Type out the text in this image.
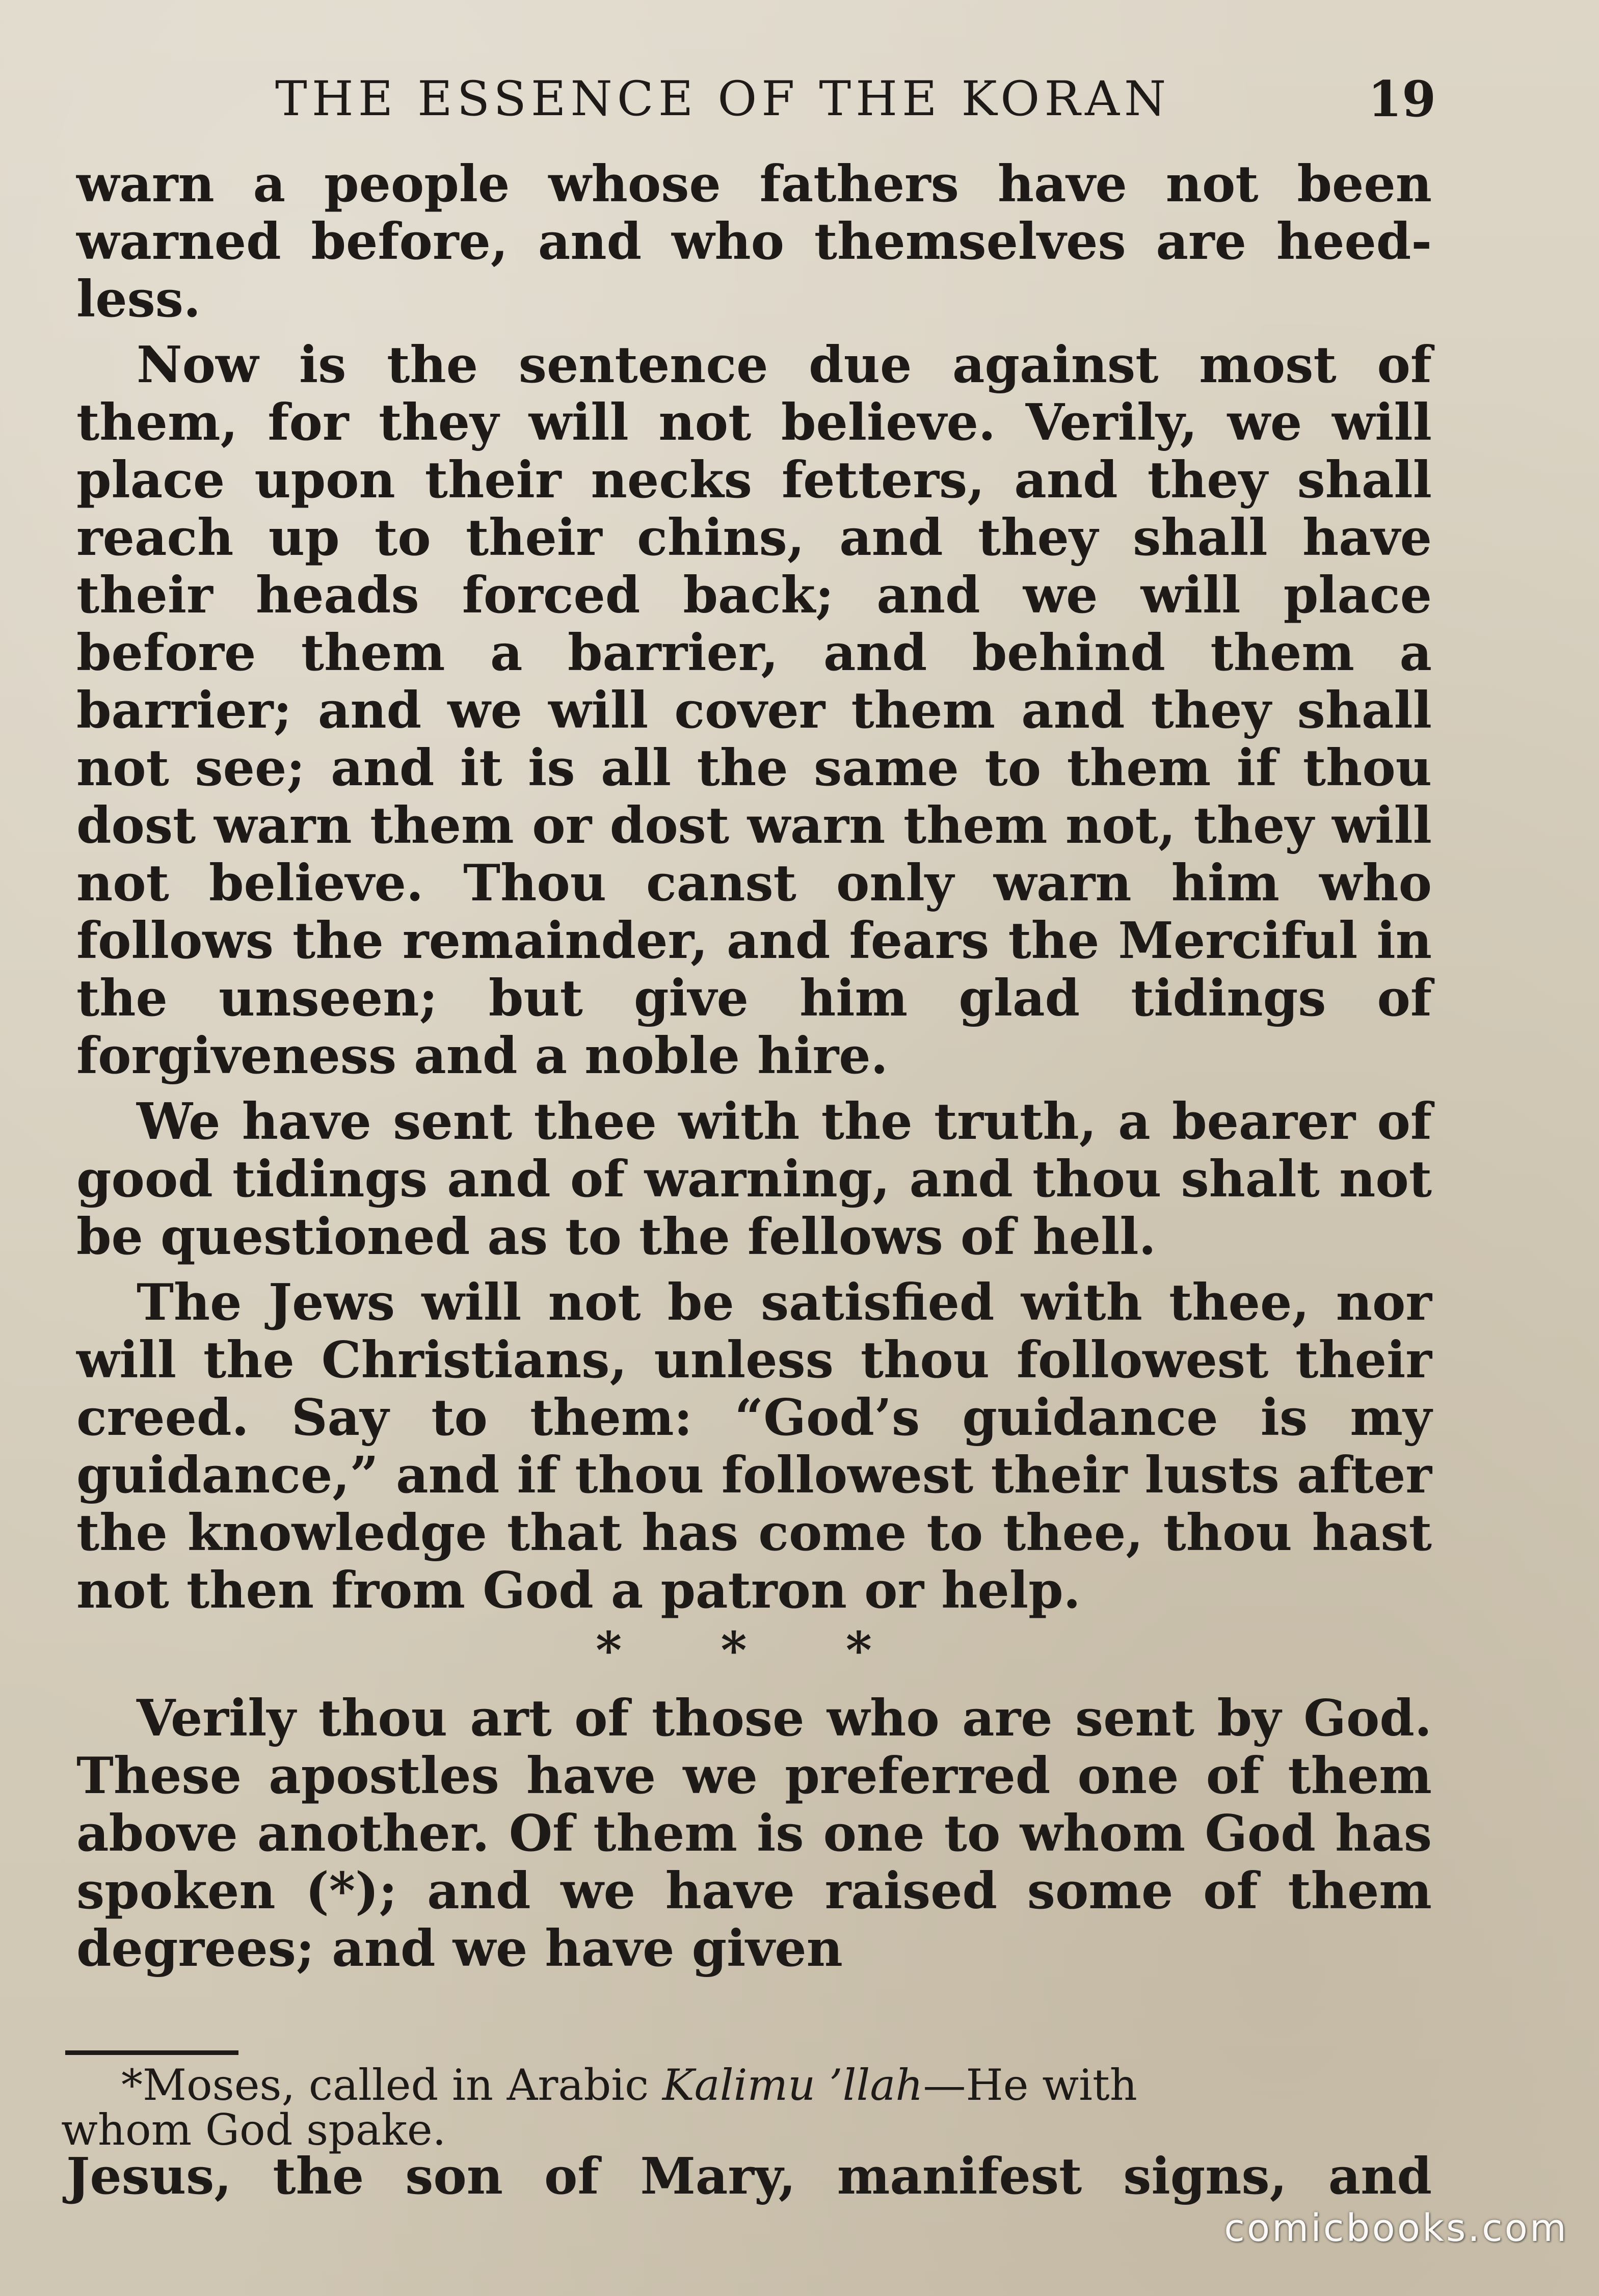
THE ESSENCE OF THE KORAN	19

warn a people whose fathers have not been warned before, and who themselves are heed- less.

Now is the sentence due against most of them, for they will not believe. Verily, we will place upon their necks fetters, and they shall reach up to their chins, and they shall have their heads forced back; and we will place before them a barrier, and behind them a barrier; and we will cover them and they shall not see; and it is all the same to them if thou dost warn them or dost warn them not, they will not believe. Thou canst only warn him who follows the remainder, and fears the Merciful in the unseen; but give him glad tidings of forgiveness and a noble hire.

We have sent thee with the truth, a bearer of good tidings and of warning, and thou shalt not be questioned as to the fellows of hell.

The Jews will not be satisfied with thee, nor will the Christians, unless thou followest their creed. Say to them: “God’s guidance is my guidance,” and if thou followest their lusts after the knowledge that has come to thee, thou hast not then from God a patron or help.

* * *

Verily thou art of those who are sent by God. These apostles have we preferred one of them above another. Of them is one to whom God has spoken (*); and we have raised some of them degrees; and we have given

*Moses, called in Arabic Kalimu ’llah—He with
whom God spake.
Jesus, the son of Mary, manifest signs, and
comicbooks.com
